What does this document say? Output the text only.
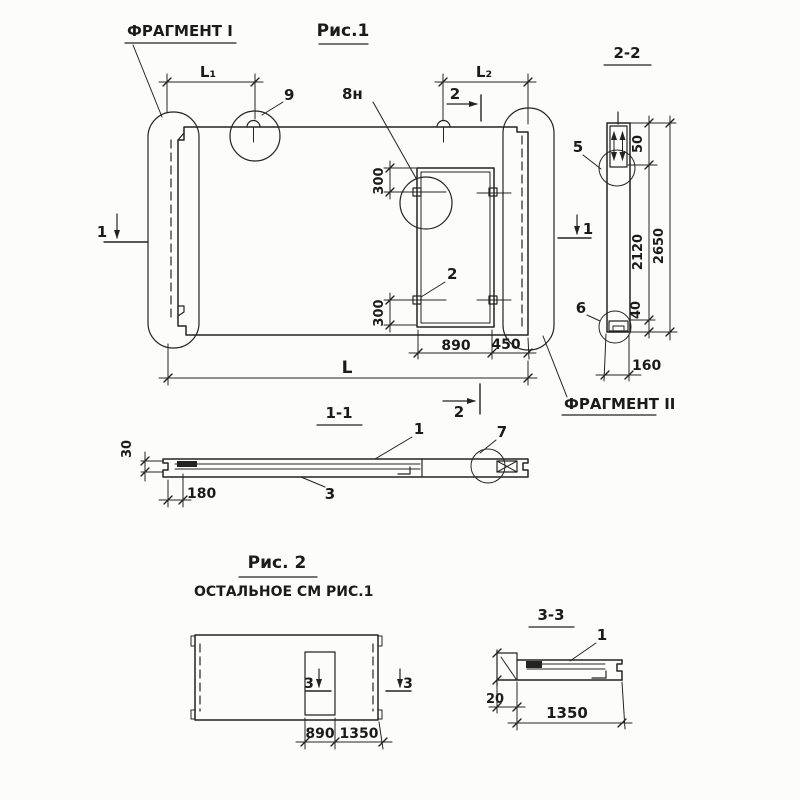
Рис.1
ФРАГМЕНТ I
ФРАГМЕНТ II
9	8н
2
300
300
890 450
L
L₁	L₂
2
2
1
2-2
5
6
50
2120
40
2650
160
1
1-1
1	7
3
30
180
Рис. 2
ОСТАЛЬНОЕ СМ РИС.1
3	3
890 1350
3-3
1
20
1350
